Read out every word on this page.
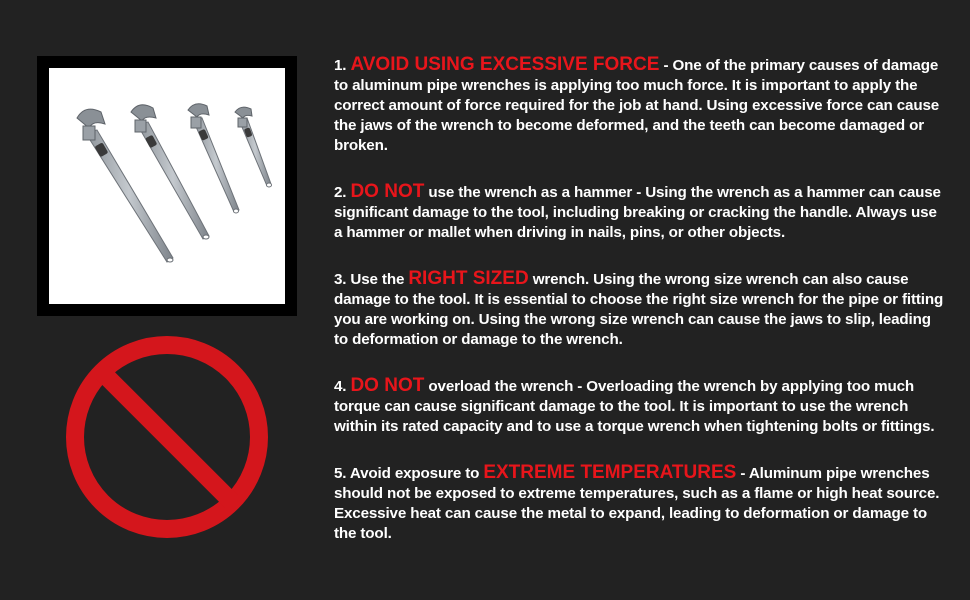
1. AVOID USING EXCESSIVE FORCE - One of the primary causes of damage to aluminum pipe wrenches is applying too much force. It is important to apply the correct amount of force required for the job at hand. Using excessive force can cause the jaws of the wrench to become deformed, and the teeth can become damaged or broken.
2. DO NOT use the wrench as a hammer - Using the wrench as a hammer can cause significant damage to the tool, including breaking or cracking the handle. Always use a hammer or mallet when driving in nails, pins, or other objects.
3. Use the RIGHT SIZED wrench. Using the wrong size wrench can also cause damage to the tool. It is essential to choose the right size wrench for the pipe or fitting you are working on. Using the wrong size wrench can cause the jaws to slip, leading to deformation or damage to the wrench.
4. DO NOT overload the wrench - Overloading the wrench by applying too much torque can cause significant damage to the tool. It is important to use the wrench within its rated capacity and to use a torque wrench when tightening bolts or fittings.
5. Avoid exposure to EXTREME TEMPERATURES - Aluminum pipe wrenches should not be exposed to extreme temperatures, such as a flame or high heat source. Excessive heat can cause the metal to expand, leading to deformation or damage to the tool.
